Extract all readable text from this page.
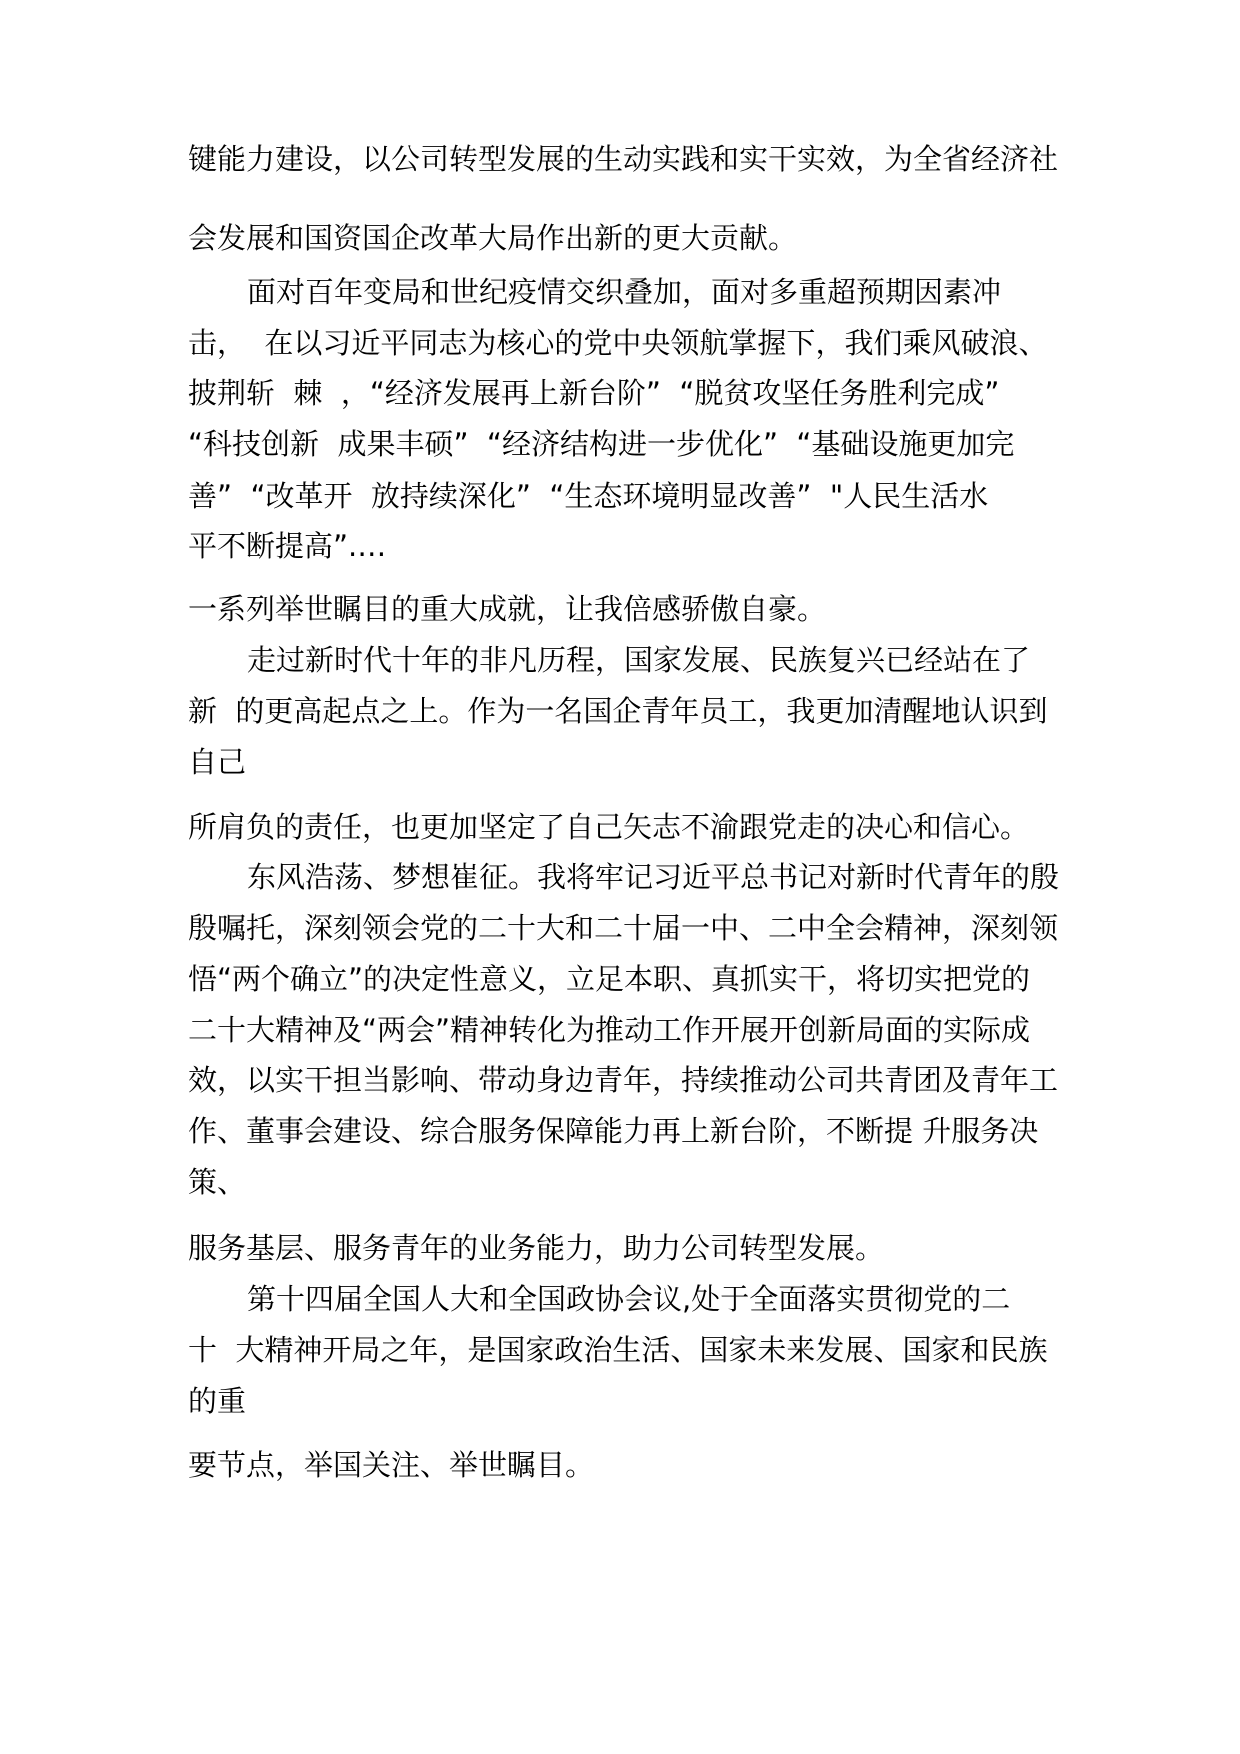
键能力建设，以公司转型发展的生动实践和实干实效，为全省经济社
会发展和国资国企改革大局作出新的更大贡献。
面对百年变局和世纪疫情交织叠加，面对多重超预期因素冲
击，  在以习近平同志为核心的党中央领航掌握下，我们乘风破浪、
披荆斩  棘  ，“经济发展再上新台阶”  “脱贫攻坚任务胜利完成”
“科技创新  成果丰硕”  “经济结构进一步优化”  “基础设施更加完
善”  “改革开  放持续深化”  “生态环境明显改善”  "人民生活水
平不断提高”.…
一系列举世瞩目的重大成就，让我倍感骄傲自豪。
走过新时代十年的非凡历程，国家发展、民族复兴已经站在了
新  的更高起点之上。作为一名国企青年员工，我更加清醒地认识到
自己
所肩负的责任，也更加坚定了自己矢志不渝跟党走的决心和信心。
东风浩荡、梦想崔征。我将牢记习近平总书记对新时代青年的殷
殷嘱托，深刻领会党的二十大和二十届一中、二中全会精神，深刻领
悟“两个确立”的决定性意义，立足本职、真抓实干，将切实把党的
二十大精神及“两会”精神转化为推动工作开展开创新局面的实际成
效，以实干担当影响、带动身边青年，持续推动公司共青团及青年工
作、董事会建设、综合服务保障能力再上新台阶，不断提 升服务决
策、
服务基层、服务青年的业务能力，助力公司转型发展。
第十四届全国人大和全国政协会议,处于全面落实贯彻党的二
十  大精神开局之年，是国家政治生活、国家未来发展、国家和民族
的重
要节点，举国关注、举世瞩目。
